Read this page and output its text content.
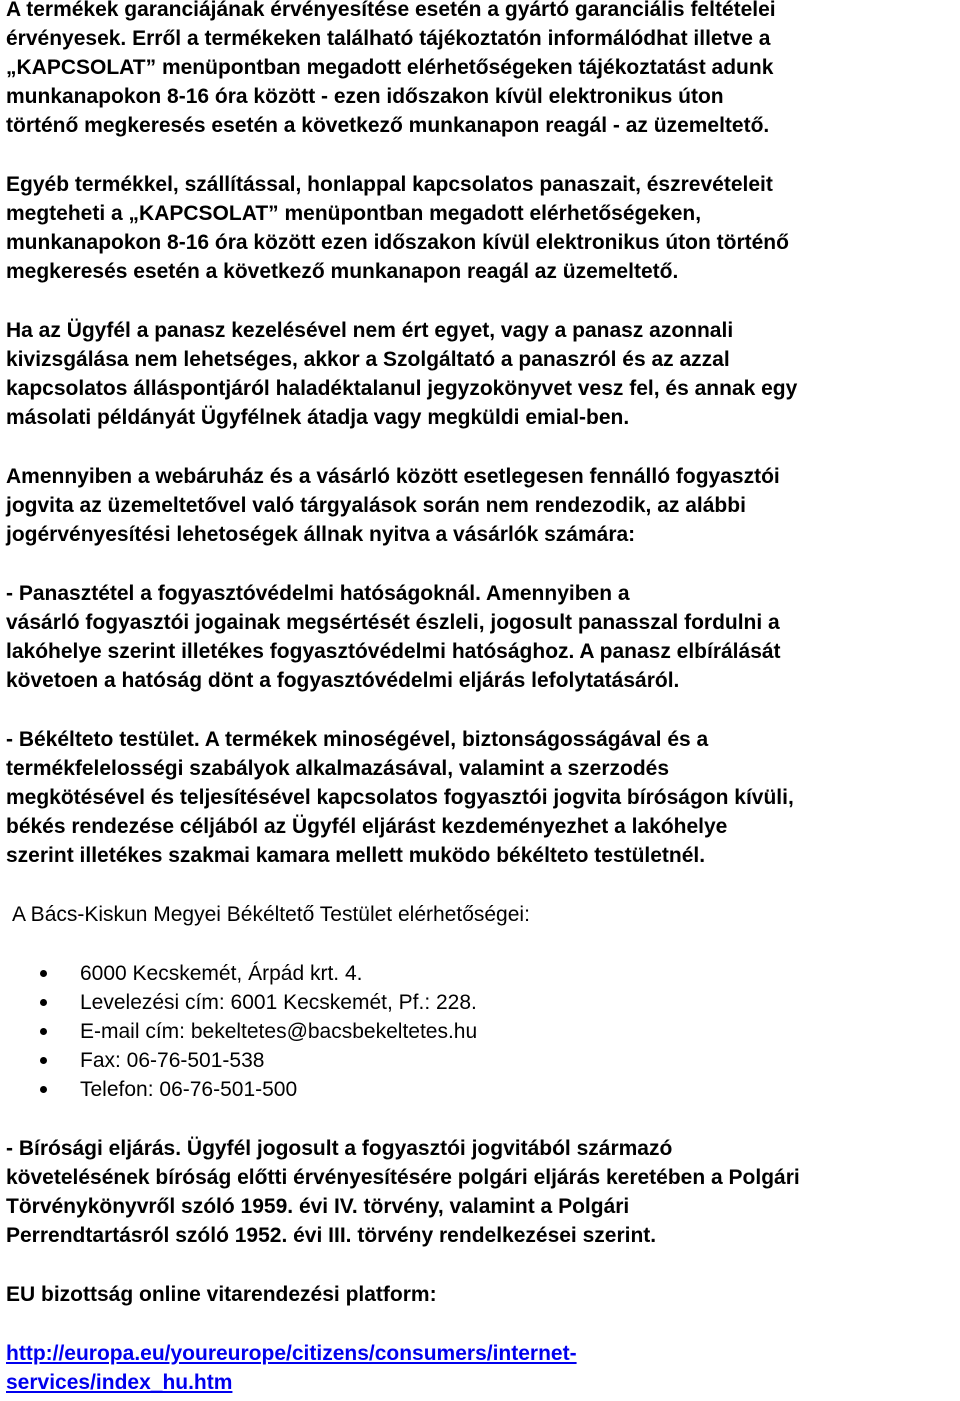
A termékek garanciájának érvényesítése esetén a gyártó garanciális feltételei
érvényesek. Erről a termékeken található tájékoztatón informálódhat illetve a
„KAPCSOLAT” menüpontban megadott elérhetőségeken tájékoztatást adunk
munkanapokon 8-16 óra között - ezen időszakon kívül elektronikus úton
történő megkeresés esetén a következő munkanapon reagál - az üzemeltető.
Egyéb termékkel, szállítással, honlappal kapcsolatos panaszait, észrevételeit
megteheti a „KAPCSOLAT” menüpontban megadott elérhetőségeken,
munkanapokon 8-16 óra között ezen időszakon kívül elektronikus úton történő
megkeresés esetén a következő munkanapon reagál az üzemeltető.
Ha az Ügyfél a panasz kezelésével nem ért egyet, vagy a panasz azonnali
kivizsgálása nem lehetséges, akkor a Szolgáltató a panaszról és az azzal
kapcsolatos álláspontjáról haladéktalanul jegyzokönyvet vesz fel, és annak egy
másolati példányát Ügyfélnek átadja vagy megküldi emial-ben.
Amennyiben a webáruház és a vásárló között esetlegesen fennálló fogyasztói
jogvita az üzemeltetővel való tárgyalások során nem rendezodik, az alábbi
jogérvényesítési lehetoségek állnak nyitva a vásárlók számára:
- Panasztétel a fogyasztóvédelmi hatóságoknál. Amennyiben a
vásárló fogyasztói jogainak megsértését észleli, jogosult panasszal fordulni a
lakóhelye szerint illetékes fogyasztóvédelmi hatósághoz. A panasz elbírálását
követoen a hatóság dönt a fogyasztóvédelmi eljárás lefolytatásáról.
- Békélteto testület. A termékek minoségével, biztonságosságával és a
termékfelelosségi szabályok alkalmazásával, valamint a szerzodés
megkötésével és teljesítésével kapcsolatos fogyasztói jogvita bíróságon kívüli,
békés rendezése céljából az Ügyfél eljárást kezdeményezhet a lakóhelye
szerint illetékes szakmai kamara mellett muködo békélteto testületnél.
A Bács-Kiskun Megyei Békéltető Testület elérhetőségei:
6000 Kecskemét, Árpád krt. 4.
Levelezési cím: 6001 Kecskemét, Pf.: 228.
E-mail cím: bekeltetes@bacsbekeltetes.hu
Fax: 06-76-501-538
Telefon: 06-76-501-500
- Bírósági eljárás. Ügyfél jogosult a fogyasztói jogvitából származó
követelésének bíróság előtti érvényesítésére polgári eljárás keretében a Polgári
Törvénykönyvről szóló 1959. évi IV. törvény, valamint a Polgári
Perrendtartásról szóló 1952. évi III. törvény rendelkezései szerint.
EU bizottság online vitarendezési platform:
http://europa.eu/youreurope/citizens/consumers/internet-
services/index_hu.htm
